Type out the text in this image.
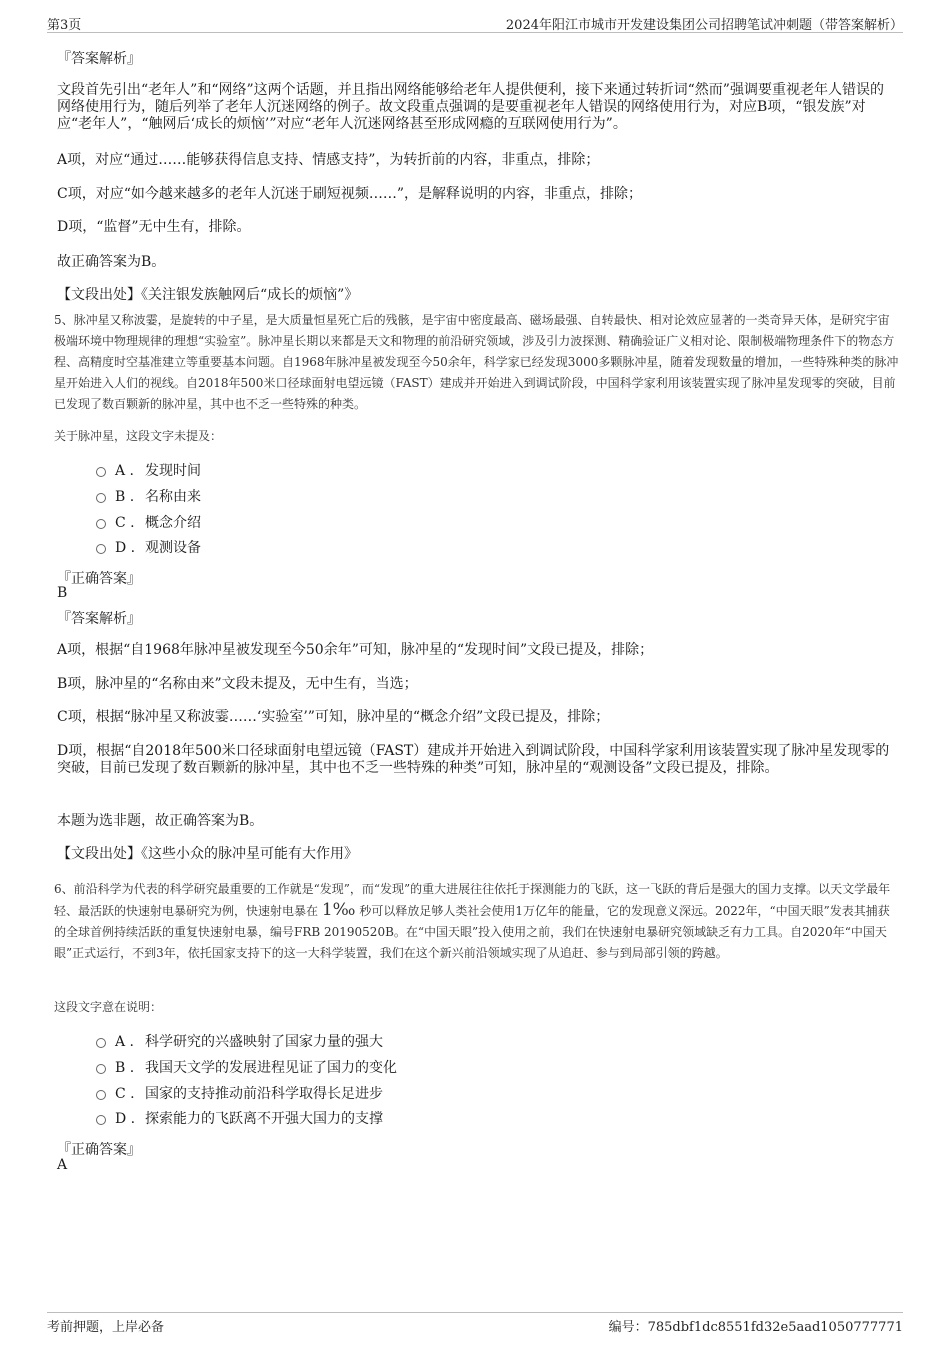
第3页	2024年阳江市城市开发建设集团公司招聘笔试冲刺题（带答案解析）
『答案解析』

文段首先引出“老年人”和“网络”这两个话题，并且指出网络能够给老年人提供便利，接下来通过转折词“然而”强调要重视老年人错误的网络使用行为，随后列举了老年人沉迷网络的例子。故文段重点强调的是要重视老年人错误的网络使用行为，对应B项，“银发族”对应“老年人”，“触网后‘成长的烦恼’”对应“老年人沉迷网络甚至形成网瘾的互联网使用行为”。

A项，对应“通过……能够获得信息支持、情感支持”，为转折前的内容，非重点，排除；
C项，对应“如今越来越多的老年人沉迷于刷短视频……”，是解释说明的内容，非重点，排除；
D项，“监督”无中生有，排除。
故正确答案为B。
【文段出处】《关注银发族触网后“成长的烦恼”》
5、脉冲星又称波霎，是旋转的中子星，是大质量恒星死亡后的残骸，是宇宙中密度最高、磁场最强、自转最快、相对论效应显著的一类奇异天体，是研究宇宙极端环境中物理规律的理想“实验室”。脉冲星长期以来都是天文和物理的前沿研究领域，涉及引力波探测、精确验证广义相对论、限制极端物理条件下的物态方程、高精度时空基准建立等重要基本问题。自1968年脉冲星被发现至今50余年，科学家已经发现3000多颗脉冲星，随着发现数量的增加，一些特殊种类的脉冲星开始进入人们的视线。自2018年500米口径球面射电望远镜（FAST）建成并开始进入到调试阶段，中国科学家利用该装置实现了脉冲星发现零的突破，目前已发现了数百颗新的脉冲星，其中也不乏一些特殊的种类。
关于脉冲星，这段文字未提及：
A . 发现时间
B . 名称由来
C . 概念介绍
D . 观测设备
『正确答案』
B
『答案解析』
A项，根据“自1968年脉冲星被发现至今50余年”可知，脉冲星的“发现时间”文段已提及，排除；
B项，脉冲星的“名称由来”文段未提及，无中生有，当选；
C项，根据“脉冲星又称波霎……‘实验室’”可知，脉冲星的“概念介绍”文段已提及，排除；
D项，根据“自2018年500米口径球面射电望远镜（FAST）建成并开始进入到调试阶段，中国科学家利用该装置实现了脉冲星发现零的突破，目前已发现了数百颗新的脉冲星，其中也不乏一些特殊的种类”可知，脉冲星的“观测设备”文段已提及，排除。
本题为选非题，故正确答案为B。
【文段出处】《这些小众的脉冲星可能有大作用》
6、前沿科学为代表的科学研究最重要的工作就是“发现”，而“发现”的重大进展往往依托于探测能力的飞跃，这一飞跃的背后是强大的国力支撑。以天文学最年轻、最活跃的快速射电暴研究为例，快速射电暴在 1‰ 秒可以释放足够人类社会使用1万亿年的能量，它的发现意义深远。2022年，“中国天眼”发表其捕获的全球首例持续活跃的重复快速射电暴，编号FRB 20190520B。在“中国天眼”投入使用之前，我们在快速射电暴研究领域缺乏有力工具。自2020年“中国天眼”正式运行，不到3年，依托国家支持下的这一大科学装置，我们在这个新兴前沿领域实现了从追赶、参与到局部引领的跨越。
这段文字意在说明：
A . 科学研究的兴盛映射了国家力量的强大
B . 我国天文学的发展进程见证了国力的变化
C . 国家的支持推动前沿科学取得长足进步
D . 探索能力的飞跃离不开强大国力的支撑
『正确答案』
A
考前押题，上岸必备	编号：785dbf1dc8551fd32e5aad1050777771
